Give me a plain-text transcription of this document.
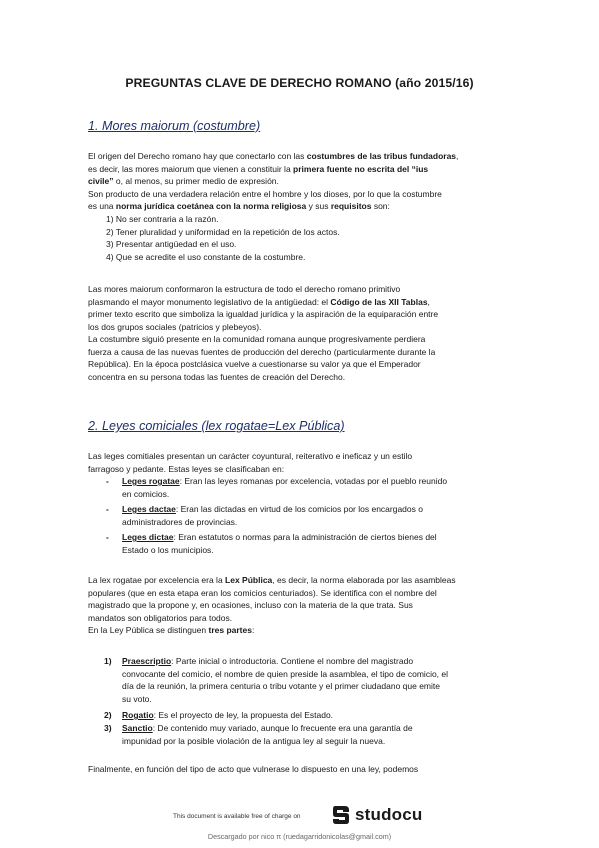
PREGUNTAS CLAVE DE DERECHO ROMANO (año 2015/16)
1. Mores maiorum (costumbre)
El origen del Derecho romano hay que conectarlo con las costumbres de las tribus fundadoras,
es decir, las mores maiorum que vienen a constituir la primera fuente no escrita del “ius
civile” o, al menos, su primer medio de expresión.
Son producto de una verdadera relación entre el hombre y los dioses, por lo que la costumbre
es una norma jurídica coetánea con la norma religiosa y sus requisitos son:
1) No ser contraria a la razón.
2) Tener pluralidad y uniformidad en la repetición de los actos.
3) Presentar antigüedad en el uso.
4) Que se acredite el uso constante de la costumbre.
Las mores maiorum conformaron la estructura de todo el derecho romano primitivo
plasmando el mayor monumento legislativo de la antigüedad: el Código de las XII Tablas,
primer texto escrito que simboliza la igualdad jurídica y la aspiración de la equiparación entre
los dos grupos sociales (patricios y plebeyos).
La costumbre siguió presente en la comunidad romana aunque progresivamente perdiera
fuerza a causa de las nuevas fuentes de producción del derecho (particularmente durante la
República). En la época postclásica vuelve a cuestionarse su valor ya que el Emperador
concentra en su persona todas las fuentes de creación del Derecho.
2. Leyes comiciales (lex rogatae=Lex Pública)
Las leges comitiales presentan un carácter coyuntural, reiterativo e ineficaz y un estilo
farragoso y pedante. Estas leyes se clasificaban en:
- Leges rogatae: Eran las leyes romanas por excelencia, votadas por el pueblo reunido
en comicios.
- Leges dactae: Eran las dictadas en virtud de los comicios por los encargados o
administradores de provincias.
- Leges dictae: Eran estatutos o normas para la administración de ciertos bienes del
Estado o los municipios.
La lex rogatae por excelencia era la Lex Pública, es decir, la norma elaborada por las asambleas
populares (que en esta etapa eran los comicios centuriados). Se identifica con el nombre del
magistrado que la propone y, en ocasiones, incluso con la materia de la que trata. Sus
mandatos son obligatorios para todos.
En la Ley Pública se distinguen tres partes:
1) Praescriptio: Parte inicial o introductoria. Contiene el nombre del magistrado
convocante del comicio, el nombre de quien preside la asamblea, el tipo de comicio, el
día de la reunión, la primera centuria o tribu votante y el primer ciudadano que emite
su voto.
2) Rogatio: Es el proyecto de ley, la propuesta del Estado.
3) Sanctio: De contenido muy variado, aunque lo frecuente era una garantía de
impunidad por la posible violación de la antigua ley al seguir la nueva.
Finalmente, en función del tipo de acto que vulnerase lo dispuesto en una ley, podemos
This document is available free of charge on	studocu
Descargado por nico π (ruedagarridonicolas@gmail.com)
